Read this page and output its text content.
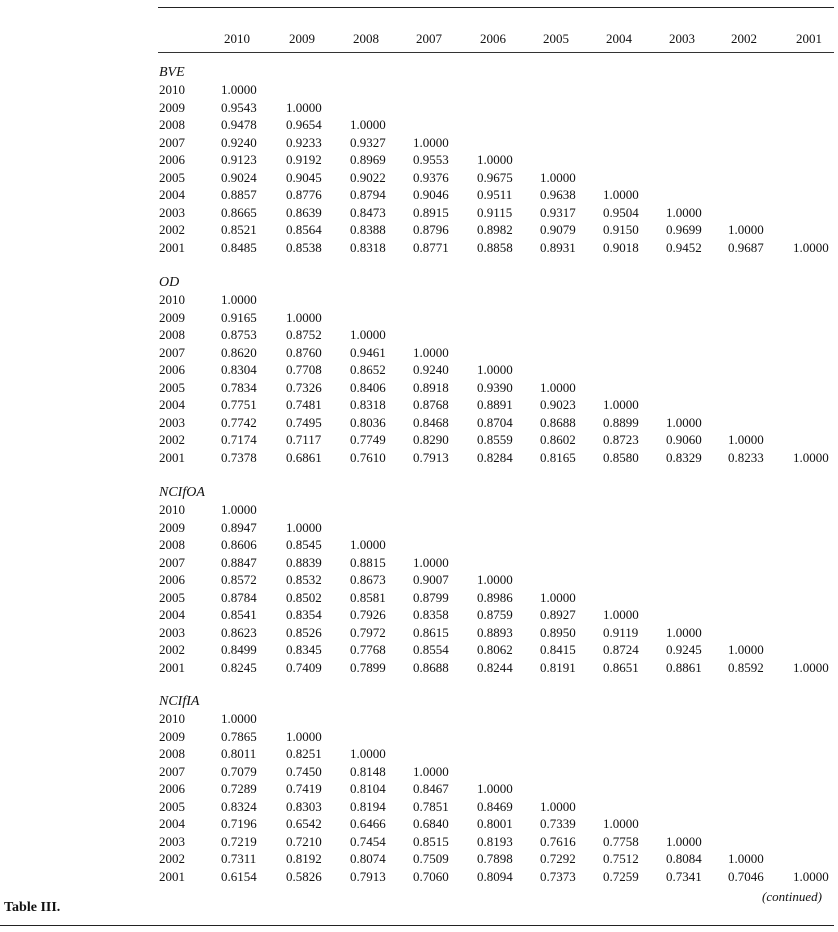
2010	2009	2008	2007	2006	2005	2004	2003	2002	2001
BVE
2010	1.0000
2009	0.9543 1.0000
2008	0.9478 0.9654 1.0000
2007	0.9240 0.9233 0.9327 1.0000
2006	0.9123 0.9192 0.8969 0.9553 1.0000
2005	0.9024 0.9045 0.9022 0.9376 0.9675 1.0000
2004	0.8857 0.8776 0.8794 0.9046 0.9511 0.9638 1.0000
2003	0.8665 0.8639 0.8473 0.8915 0.9115 0.9317 0.9504 1.0000
2002	0.8521 0.8564 0.8388 0.8796 0.8982 0.9079 0.9150 0.9699 1.0000
2001	0.8485 0.8538 0.8318 0.8771 0.8858 0.8931 0.9018 0.9452 0.9687 1.0000
OD
2010	1.0000
2009	0.9165 1.0000
2008	0.8753 0.8752 1.0000
2007	0.8620 0.8760 0.9461 1.0000
2006	0.8304 0.7708 0.8652 0.9240 1.0000
2005	0.7834 0.7326 0.8406 0.8918 0.9390 1.0000
2004	0.7751 0.7481 0.8318 0.8768 0.8891 0.9023 1.0000
2003	0.7742 0.7495 0.8036 0.8468 0.8704 0.8688 0.8899 1.0000
2002	0.7174 0.7117 0.7749 0.8290 0.8559 0.8602 0.8723 0.9060 1.0000
2001	0.7378 0.6861 0.7610 0.7913 0.8284 0.8165 0.8580 0.8329 0.8233 1.0000
NCIfOA
2010	1.0000
2009	0.8947 1.0000
2008	0.8606 0.8545 1.0000
2007	0.8847 0.8839 0.8815 1.0000
2006	0.8572 0.8532 0.8673 0.9007 1.0000
2005	0.8784 0.8502 0.8581 0.8799 0.8986 1.0000
2004	0.8541 0.8354 0.7926 0.8358 0.8759 0.8927 1.0000
2003	0.8623 0.8526 0.7972 0.8615 0.8893 0.8950 0.9119 1.0000
2002	0.8499 0.8345 0.7768 0.8554 0.8062 0.8415 0.8724 0.9245 1.0000
2001	0.8245 0.7409 0.7899 0.8688 0.8244 0.8191 0.8651 0.8861 0.8592 1.0000
NCIfIA
2010	1.0000
2009	0.7865 1.0000
2008	0.8011 0.8251 1.0000
2007	0.7079 0.7450 0.8148 1.0000
2006	0.7289 0.7419 0.8104 0.8467 1.0000
2005	0.8324 0.8303 0.8194 0.7851 0.8469 1.0000
2004	0.7196 0.6542 0.6466 0.6840 0.8001 0.7339 1.0000
2003	0.7219 0.7210 0.7454 0.8515 0.8193 0.7616 0.7758 1.0000
2002	0.7311 0.8192 0.8074 0.7509 0.7898 0.7292 0.7512 0.8084 1.0000
2001	0.6154 0.5826 0.7913 0.7060 0.8094 0.7373 0.7259 0.7341 0.7046 1.0000
Table III.
(continued)
